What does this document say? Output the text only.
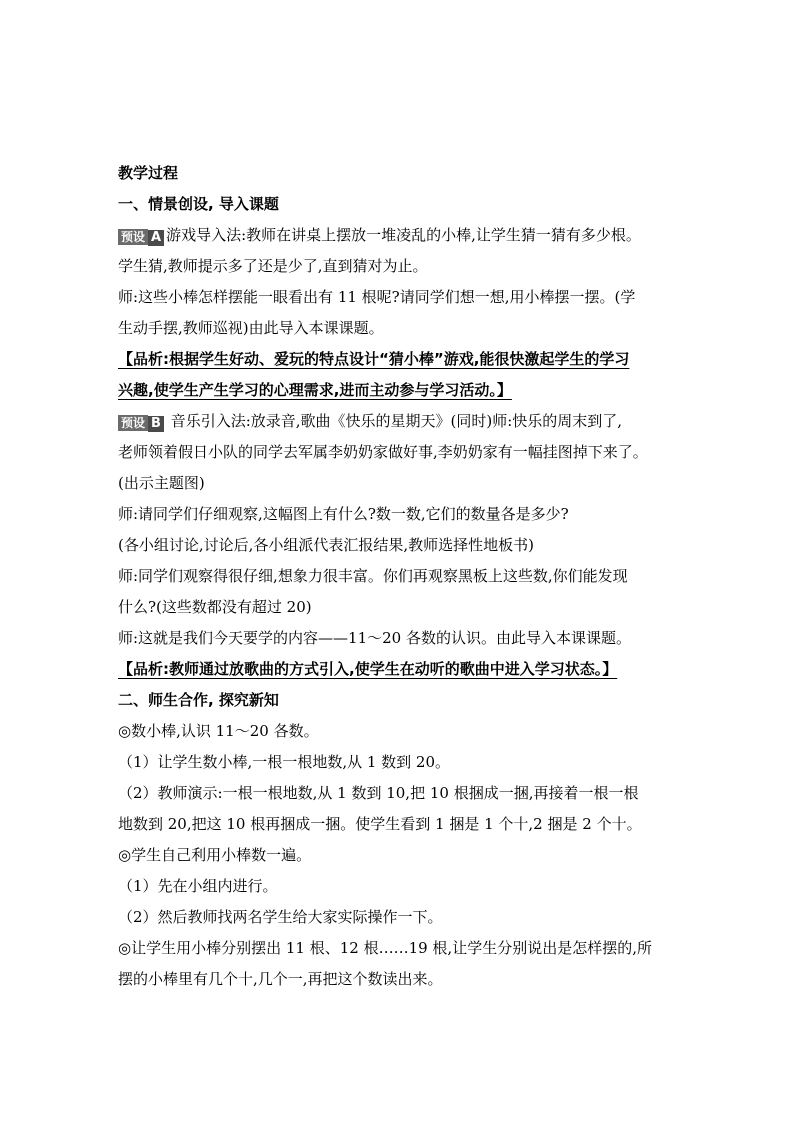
教学过程
一、情景创设, 导入课题
预设 A 游戏导入法:教师在讲桌上摆放一堆凌乱的小棒,让学生猜一猜有多少根。
学生猜,教师提示多了还是少了,直到猜对为止。
师:这些小棒怎样摆能一眼看出有 11 根呢?请同学们想一想,用小棒摆一摆。(学
生动手摆,教师巡视)由此导入本课课题。
【品析:根据学生好动、爱玩的特点设计“猜小棒”游戏,能很快激起学生的学习
兴趣,使学生产生学习的心理需求,进而主动参与学习活动。】
预设 B 音乐引入法:放录音,歌曲《快乐的星期天》(同时)师:快乐的周末到了,
老师领着假日小队的同学去军属李奶奶家做好事,李奶奶家有一幅挂图掉下来了。
(出示主题图)
师:请同学们仔细观察,这幅图上有什么?数一数,它们的数量各是多少?
(各小组讨论,讨论后,各小组派代表汇报结果,教师选择性地板书)
师:同学们观察得很仔细,想象力很丰富。你们再观察黑板上这些数,你们能发现
什么?(这些数都没有超过 20)
师:这就是我们今天要学的内容——11～20 各数的认识。由此导入本课课题。
【品析:教师通过放歌曲的方式引入,使学生在动听的歌曲中进入学习状态。】
二、师生合作, 探究新知
◎数小棒,认识 11～20 各数。
（1）让学生数小棒,一根一根地数,从 1 数到 20。
（2）教师演示:一根一根地数,从 1 数到 10,把 10 根捆成一捆,再接着一根一根
地数到 20,把这 10 根再捆成一捆。使学生看到 1 捆是 1 个十,2 捆是 2 个十。
◎学生自己利用小棒数一遍。
（1）先在小组内进行。
（2）然后教师找两名学生给大家实际操作一下。
◎让学生用小棒分别摆出 11 根、12 根……19 根,让学生分别说出是怎样摆的,所
摆的小棒里有几个十,几个一,再把这个数读出来。
